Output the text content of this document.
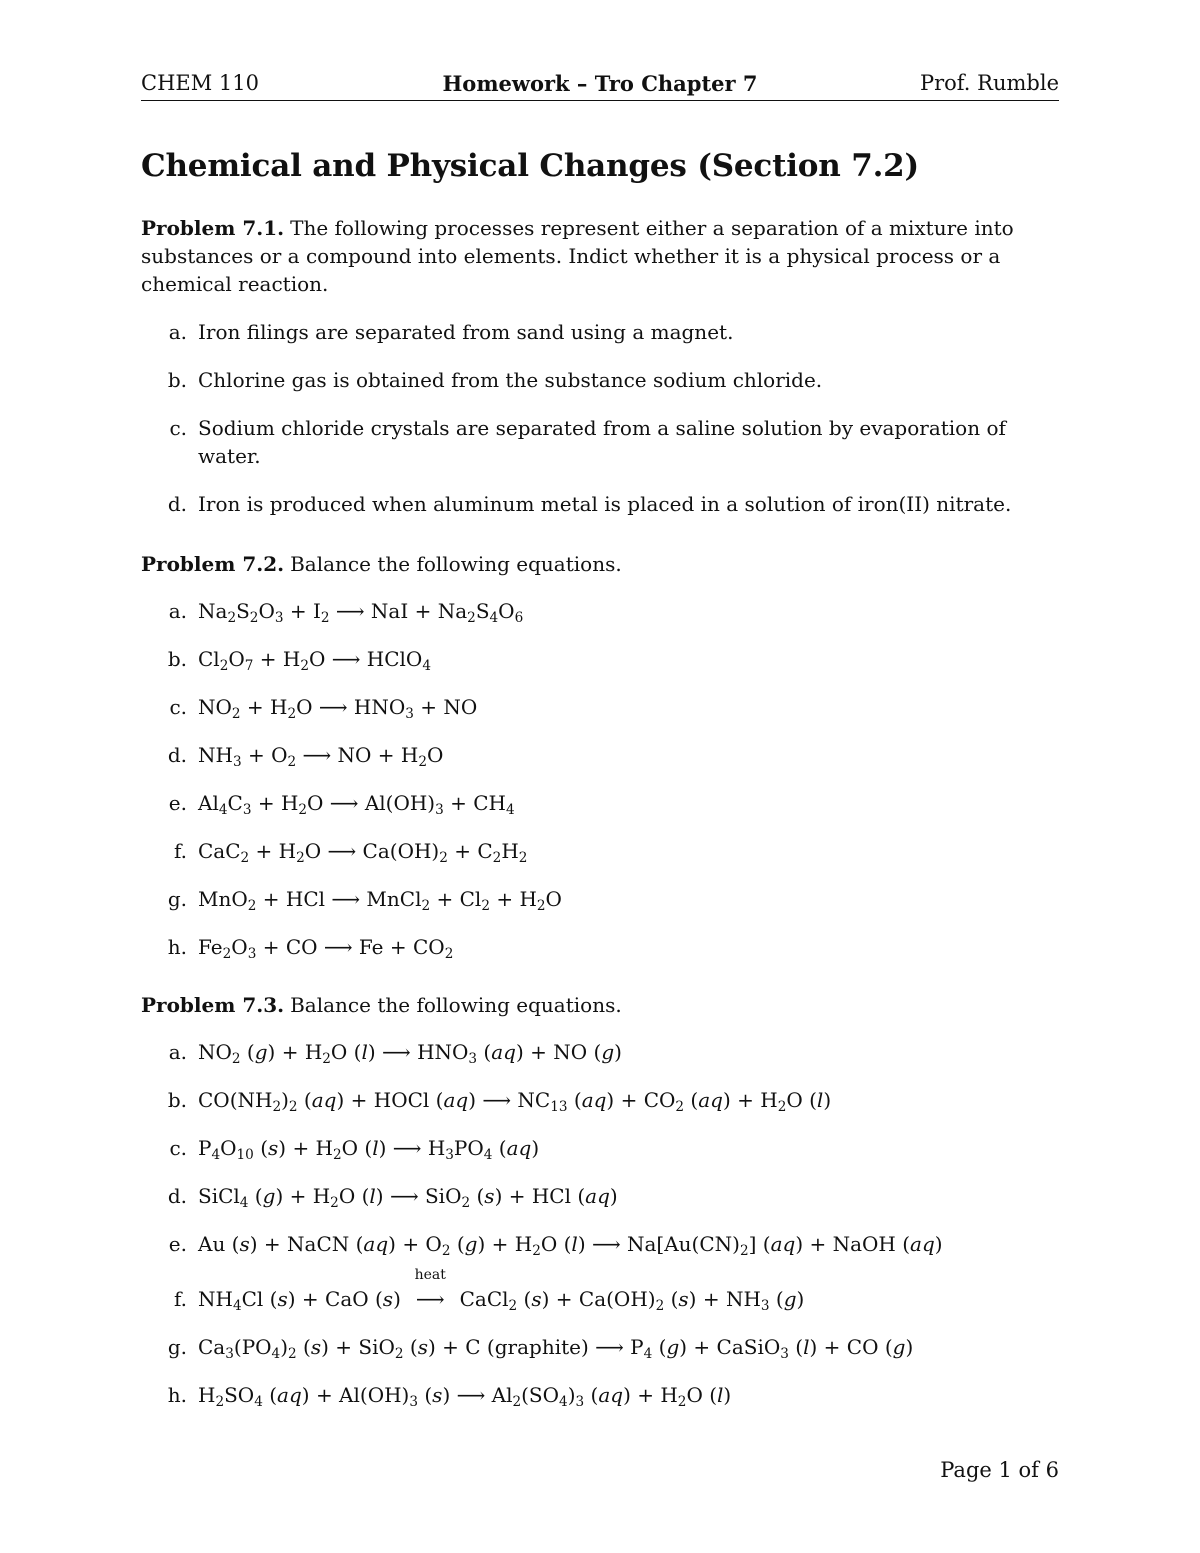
CHEM 110	Homework – Tro Chapter 7	Prof. Rumble
Chemical and Physical Changes (Section 7.2)
Problem 7.1. The following processes represent either a separation of a mixture into substances or a compound into elements. Indict whether it is a physical process or a chemical reaction.
a. Iron filings are separated from sand using a magnet.
b. Chlorine gas is obtained from the substance sodium chloride.
c. Sodium chloride crystals are separated from a saline solution by evaporation of water.
d. Iron is produced when aluminum metal is placed in a solution of iron(II) nitrate.
Problem 7.2. Balance the following equations.
a. $Na_2S_2O_3 + I_2$ ⟶ NaI + $Na_2S_4O_6$
b. $Cl_2O_7 + H_2O$ ⟶ HClO$_4$
c. $NO_2 + H_2O$ ⟶ $HNO_3$ + NO
d. $NH_3 + O_2$ ⟶ NO + $H_2O$
e. $Al_4C_3 + H_2O$ ⟶ $Al(OH)_3 + CH_4$
f. $CaC_2 + H_2O$ ⟶ $Ca(OH)_2 + C_2H_2$
g. MnO$_2$ + HCl ⟶ MnCl$_2$ + $Cl_2 + H_2O$
h. $Fe_2O_3$ + CO ⟶ $Fe + CO_2$
Problem 7.3. Balance the following equations.
a. $NO_2$ $(g) + H_2O$ (l) ⟶ $HNO_3$ (aq) + NO (g)
b. $CO(NH_2)_2$ (aq) + HOCl (aq) ⟶ $NC_{13}$ $(aq) + CO_2$ $(aq) + H_2O$ (l)
c. $P_4O_{10}$ $(s) + H_2O$ (l) ⟶ $H_3PO_4$ (aq)
d. SiCl$_4$ $(g) + H_2O$ (l) ⟶ SiO$_2$ (s) + HCl (aq)
e. Au (s) + NaCN $(aq) + O_2$ $(g) + H_2O$ (l) ⟶ $Na[Au(CN)_2] (aq)$ + NaOH (aq)
f. $NH_4Cl$ (s) + CaO (s)
heat
⟶ CaCl$_2$ $(s) + Ca(OH)_2$ $(s) + NH_3$ (g)
g. $Ca_3(PO_4)_2$ (s) + SiO$_2$ (s) + C (graphite) ⟶ $P_4$ (g) + CaSiO$_3$ (l) + CO (g)
h. $H_2SO_4$ $(aq) + Al(OH)_3$ (s) ⟶ $Al_2(SO_4)_3$ $(aq) + H_2O$ (l)
Page 1 of 6
